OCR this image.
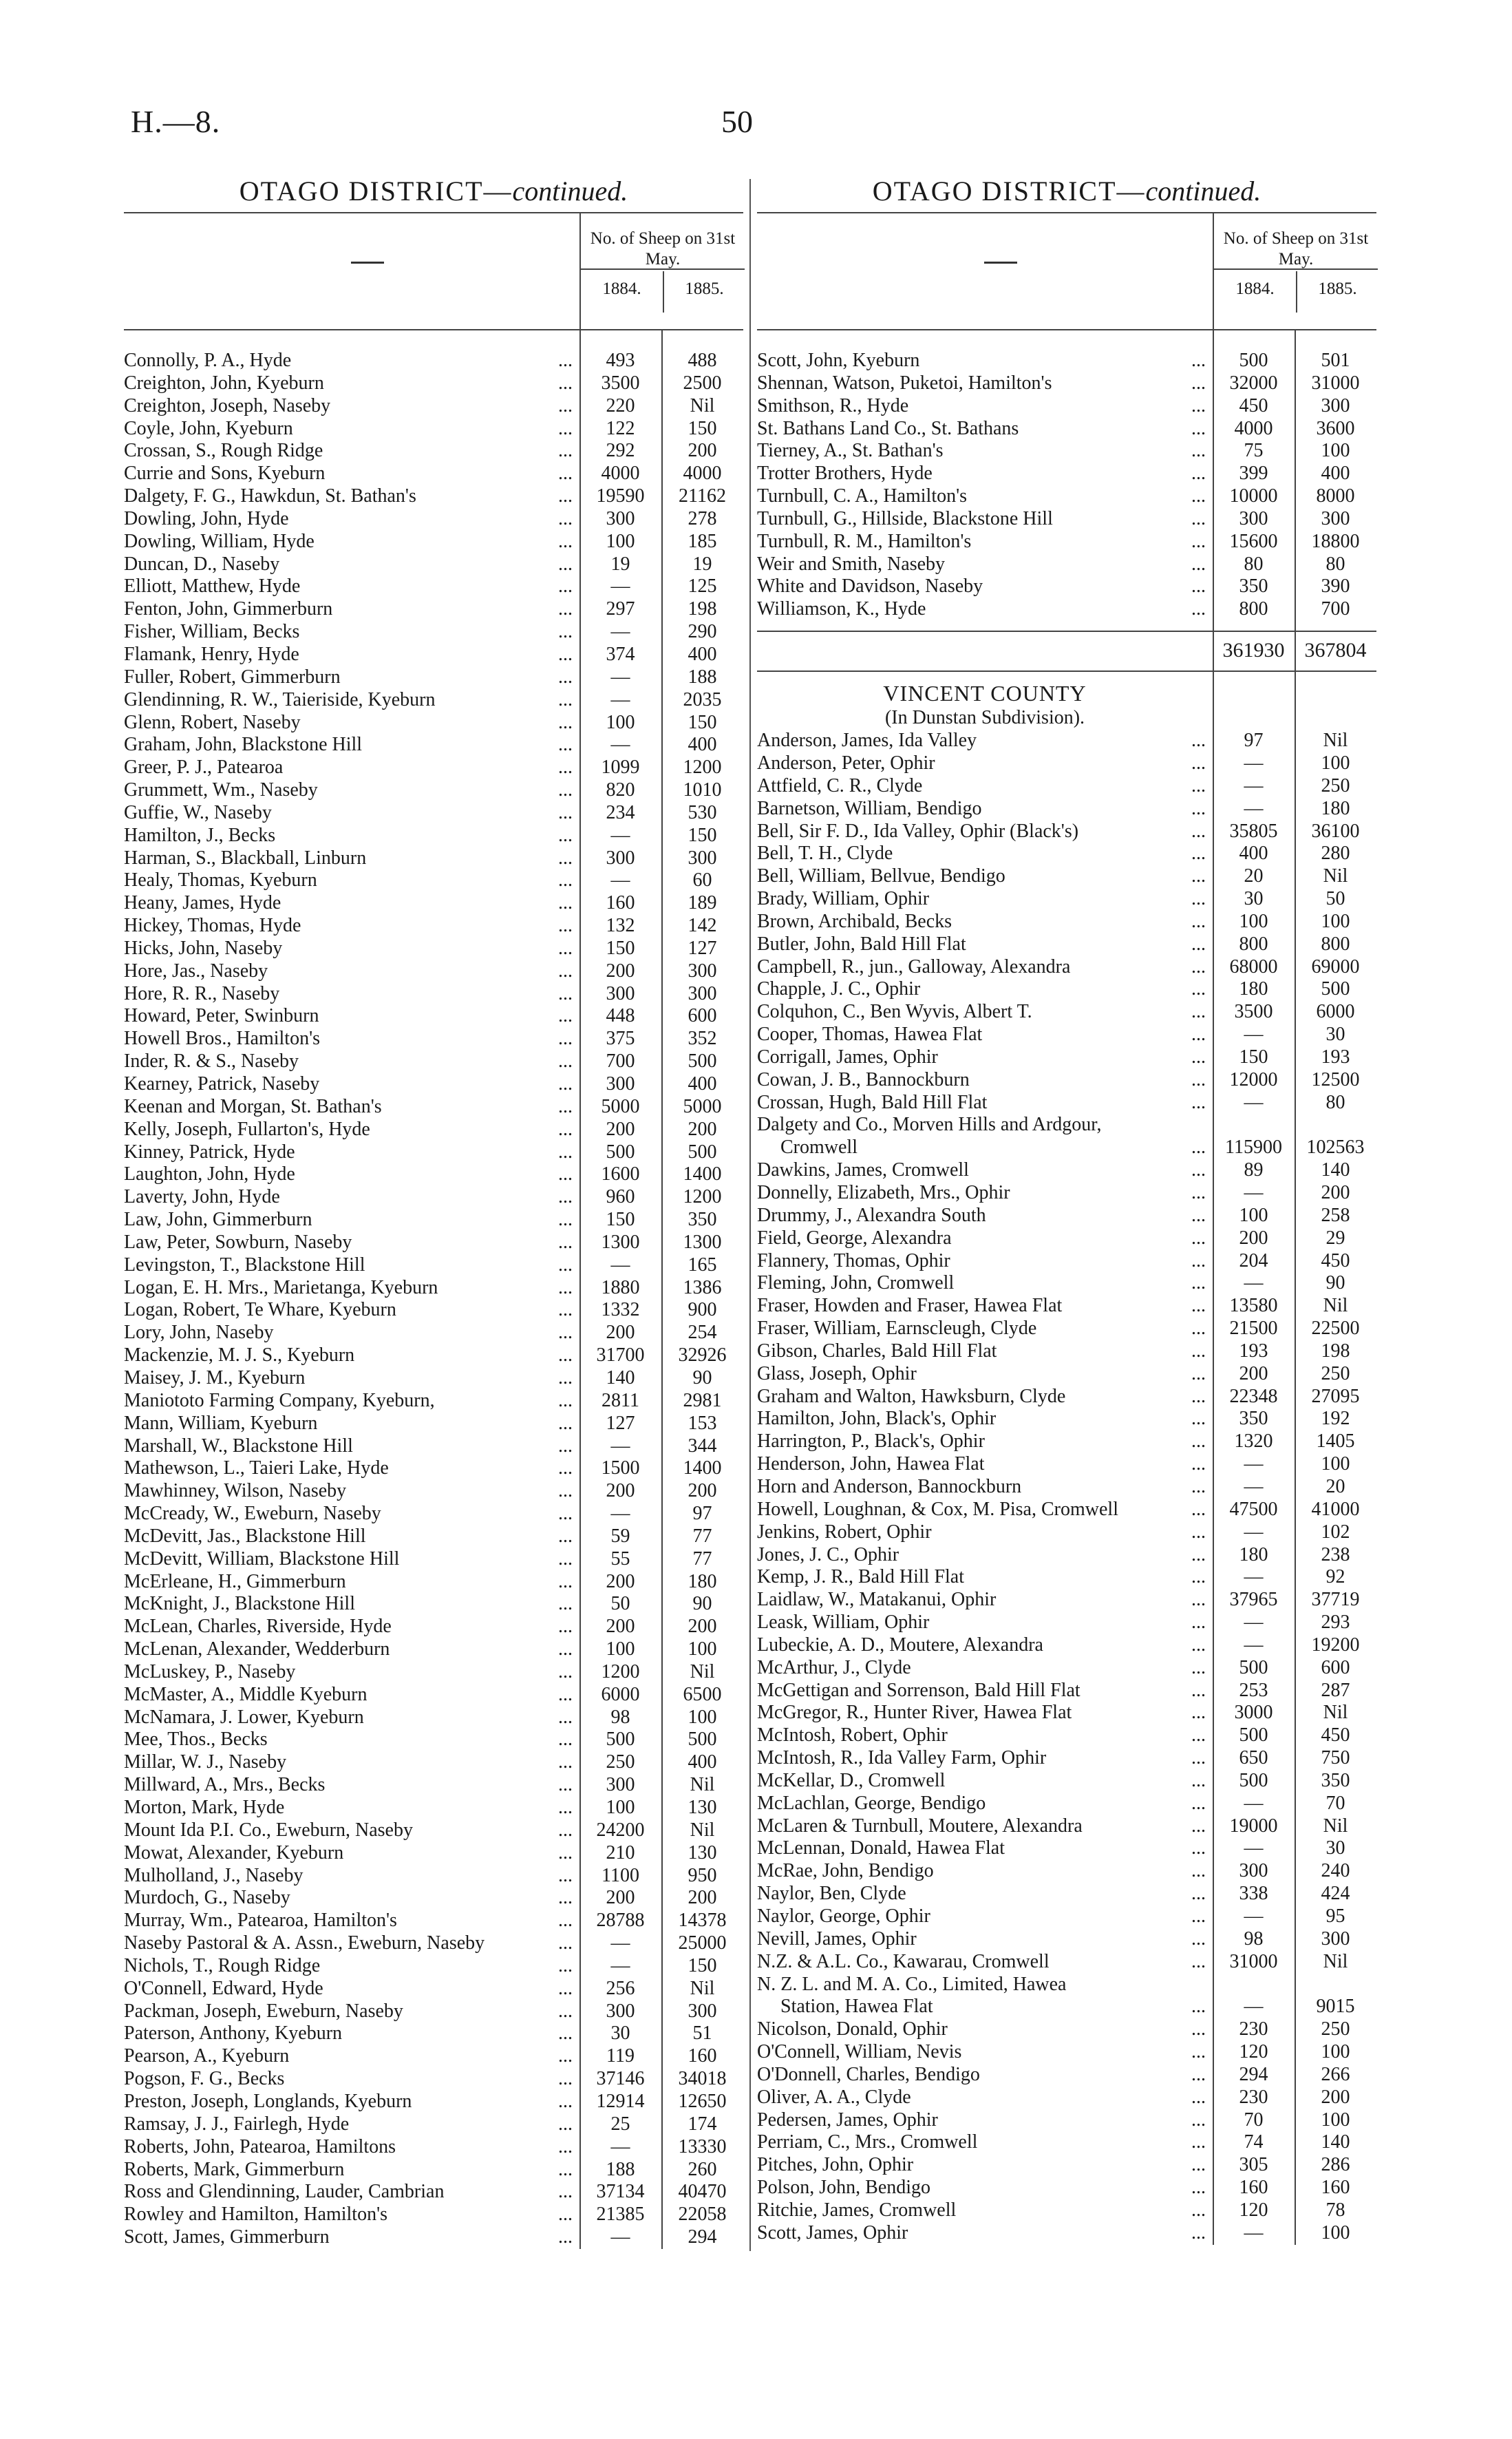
H.—8.	50
OTAGO DISTRICT—continued.
No. of Sheep on 31st May.
1884.	1885.
Connolly, P. A., Hyde	...	493	488
Creighton, John, Kyeburn	...	3500	2500
Creighton, Joseph, Naseby	...	220	Nil
Coyle, John, Kyeburn	...	122	150
Crossan, S., Rough Ridge	...	292	200
Currie and Sons, Kyeburn	...	4000	4000
Dalgety, F. G., Hawkdun, St. Bathan's	...	19590	21162
Dowling, John, Hyde	...	300	278
Dowling, William, Hyde	...	100	185
Duncan, D., Naseby	...	19	19
Elliott, Matthew, Hyde	...	—	125
Fenton, John, Gimmerburn	...	297	198
Fisher, William, Becks	...	—	290
Flamank, Henry, Hyde	...	374	400
Fuller, Robert, Gimmerburn	...	—	188
Glendinning, R. W., Taieriside, Kyeburn	...	—	2035
Glenn, Robert, Naseby	...	100	150
Graham, John, Blackstone Hill	...	—	400
Greer, P. J., Patearoa	...	1099	1200
Grummett, Wm., Naseby	...	820	1010
Guffie, W., Naseby	...	234	530
Hamilton, J., Becks	...	—	150
Harman, S., Blackball, Linburn	...	300	300
Healy, Thomas, Kyeburn	...	—	60
Heany, James, Hyde	...	160	189
Hickey, Thomas, Hyde	...	132	142
Hicks, John, Naseby	...	150	127
Hore, Jas., Naseby	...	200	300
Hore, R. R., Naseby	...	300	300
Howard, Peter, Swinburn	...	448	600
Howell Bros., Hamilton's	...	375	352
Inder, R. & S., Naseby	...	700	500
Kearney, Patrick, Naseby	...	300	400
Keenan and Morgan, St. Bathan's	...	5000	5000
Kelly, Joseph, Fullarton's, Hyde	...	200	200
Kinney, Patrick, Hyde	...	500	500
Laughton, John, Hyde	...	1600	1400
Laverty, John, Hyde	...	960	1200
Law, John, Gimmerburn	...	150	350
Law, Peter, Sowburn, Naseby	...	1300	1300
Levingston, T., Blackstone Hill	...	—	165
Logan, E. H. Mrs., Marietanga, Kyeburn	...	1880	1386
Logan, Robert, Te Whare, Kyeburn	...	1332	900
Lory, John, Naseby	...	200	254
Mackenzie, M. J. S., Kyeburn	...	31700	32926
Maisey, J. M., Kyeburn	...	140	90
Maniototo Farming Company, Kyeburn,	...	2811	2981
Mann, William, Kyeburn	...	127	153
Marshall, W., Blackstone Hill	...	—	344
Mathewson, L., Taieri Lake, Hyde	...	1500	1400
Mawhinney, Wilson, Naseby	...	200	200
McCready, W., Eweburn, Naseby	...	—	97
McDevitt, Jas., Blackstone Hill	...	59	77
McDevitt, William, Blackstone Hill	...	55	77
McErleane, H., Gimmerburn	...	200	180
McKnight, J., Blackstone Hill	...	50	90
McLean, Charles, Riverside, Hyde	...	200	200
McLenan, Alexander, Wedderburn	...	100	100
McLuskey, P., Naseby	...	1200	Nil
McMaster, A., Middle Kyeburn	...	6000	6500
McNamara, J. Lower, Kyeburn	...	98	100
Mee, Thos., Becks	...	500	500
Millar, W. J., Naseby	...	250	400
Millward, A., Mrs., Becks	...	300	Nil
Morton, Mark, Hyde	...	100	130
Mount Ida P.I. Co., Eweburn, Naseby	...	24200	Nil
Mowat, Alexander, Kyeburn	...	210	130
Mulholland, J., Naseby	...	1100	950
Murdoch, G., Naseby	...	200	200
Murray, Wm., Patearoa, Hamilton's	...	28788	14378
Naseby Pastoral & A. Assn., Eweburn, Naseby	...	—	25000
Nichols, T., Rough Ridge	...	—	150
O'Connell, Edward, Hyde	...	256	Nil
Packman, Joseph, Eweburn, Naseby	...	300	300
Paterson, Anthony, Kyeburn	...	30	51
Pearson, A., Kyeburn	...	119	160
Pogson, F. G., Becks	...	37146	34018
Preston, Joseph, Longlands, Kyeburn	...	12914	12650
Ramsay, J. J., Fairlegh, Hyde	...	25	174
Roberts, John, Patearoa, Hamiltons	...	—	13330
Roberts, Mark, Gimmerburn	...	188	260
Ross and Glendinning, Lauder, Cambrian	...	37134	40470
Rowley and Hamilton, Hamilton's	...	21385	22058
Scott, James, Gimmerburn	...	—	294
OTAGO DISTRICT—continued.
No. of Sheep on 31st May.
1884.	1885.
Scott, John, Kyeburn	...	500	501
Shennan, Watson, Puketoi, Hamilton's	...	32000	31000
Smithson, R., Hyde	...	450	300
St. Bathans Land Co., St. Bathans	...	4000	3600
Tierney, A., St. Bathan's	...	75	100
Trotter Brothers, Hyde	...	399	400
Turnbull, C. A., Hamilton's	...	10000	8000
Turnbull, G., Hillside, Blackstone Hill	...	300	300
Turnbull, R. M., Hamilton's	...	15600	18800
Weir and Smith, Naseby	...	80	80
White and Davidson, Naseby	...	350	390
Williamson, K., Hyde	...	800	700
361930 367804
VINCENT COUNTY
(In Dunstan Subdivision).
Anderson, James, Ida Valley	...	97	Nil
Anderson, Peter, Ophir	...	—	100
Attfield, C. R., Clyde	...	—	250
Barnetson, William, Bendigo	...	—	180
Bell, Sir F. D., Ida Valley, Ophir (Black's)	...	35805	36100
Bell, T. H., Clyde	...	400	280
Bell, William, Bellvue, Bendigo	...	20	Nil
Brady, William, Ophir	...	30	50
Brown, Archibald, Becks	...	100	100
Butler, John, Bald Hill Flat	...	800	800
Campbell, R., jun., Galloway, Alexandra	...	68000	69000
Chapple, J. C., Ophir	...	180	500
Colquhon, C., Ben Wyvis, Albert T.	...	3500	6000
Cooper, Thomas, Hawea Flat	...	—	30
Corrigall, James, Ophir	...	150	193
Cowan, J. B., Bannockburn	...	12000	12500
Crossan, Hugh, Bald Hill Flat	...	—	80
Dalgety and Co., Morven Hills and Ardgour,
Cromwell	...	115900	102563
Dawkins, James, Cromwell	...	89	140
Donnelly, Elizabeth, Mrs., Ophir	...	—	200
Drummy, J., Alexandra South	...	100	258
Field, George, Alexandra	...	200	29
Flannery, Thomas, Ophir	...	204	450
Fleming, John, Cromwell	...	—	90
Fraser, Howden and Fraser, Hawea Flat	...	13580	Nil
Fraser, William, Earnscleugh, Clyde	...	21500	22500
Gibson, Charles, Bald Hill Flat	...	193	198
Glass, Joseph, Ophir	...	200	250
Graham and Walton, Hawksburn, Clyde	...	22348	27095
Hamilton, John, Black's, Ophir	...	350	192
Harrington, P., Black's, Ophir	...	1320	1405
Henderson, John, Hawea Flat	...	—	100
Horn and Anderson, Bannockburn	...	—	20
Howell, Loughnan, & Cox, M. Pisa, Cromwell	...	47500	41000
Jenkins, Robert, Ophir	...	—	102
Jones, J. C., Ophir	...	180	238
Kemp, J. R., Bald Hill Flat	...	—	92
Laidlaw, W., Matakanui, Ophir	...	37965	37719
Leask, William, Ophir	...	—	293
Lubeckie, A. D., Moutere, Alexandra	...	—	19200
McArthur, J., Clyde	...	500	600
McGettigan and Sorrenson, Bald Hill Flat	...	253	287
McGregor, R., Hunter River, Hawea Flat	...	3000	Nil
McIntosh, Robert, Ophir	...	500	450
McIntosh, R., Ida Valley Farm, Ophir	...	650	750
McKellar, D., Cromwell	...	500	350
McLachlan, George, Bendigo	...	—	70
McLaren & Turnbull, Moutere, Alexandra	...	19000	Nil
McLennan, Donald, Hawea Flat	...	—	30
McRae, John, Bendigo	...	300	240
Naylor, Ben, Clyde	...	338	424
Naylor, George, Ophir	...	—	95
Nevill, James, Ophir	...	98	300
N.Z. & A.L. Co., Kawarau, Cromwell	...	31000	Nil
N. Z. L. and M. A. Co., Limited, Hawea
Station, Hawea Flat	...	—	9015
Nicolson, Donald, Ophir	...	230	250
O'Connell, William, Nevis	...	120	100
O'Donnell, Charles, Bendigo	...	294	266
Oliver, A. A., Clyde	...	230	200
Pedersen, James, Ophir	...	70	100
Perriam, C., Mrs., Cromwell	...	74	140
Pitches, John, Ophir	...	305	286
Polson, John, Bendigo	...	160	160
Ritchie, James, Cromwell	...	120	78
Scott, James, Ophir	...	—	100
